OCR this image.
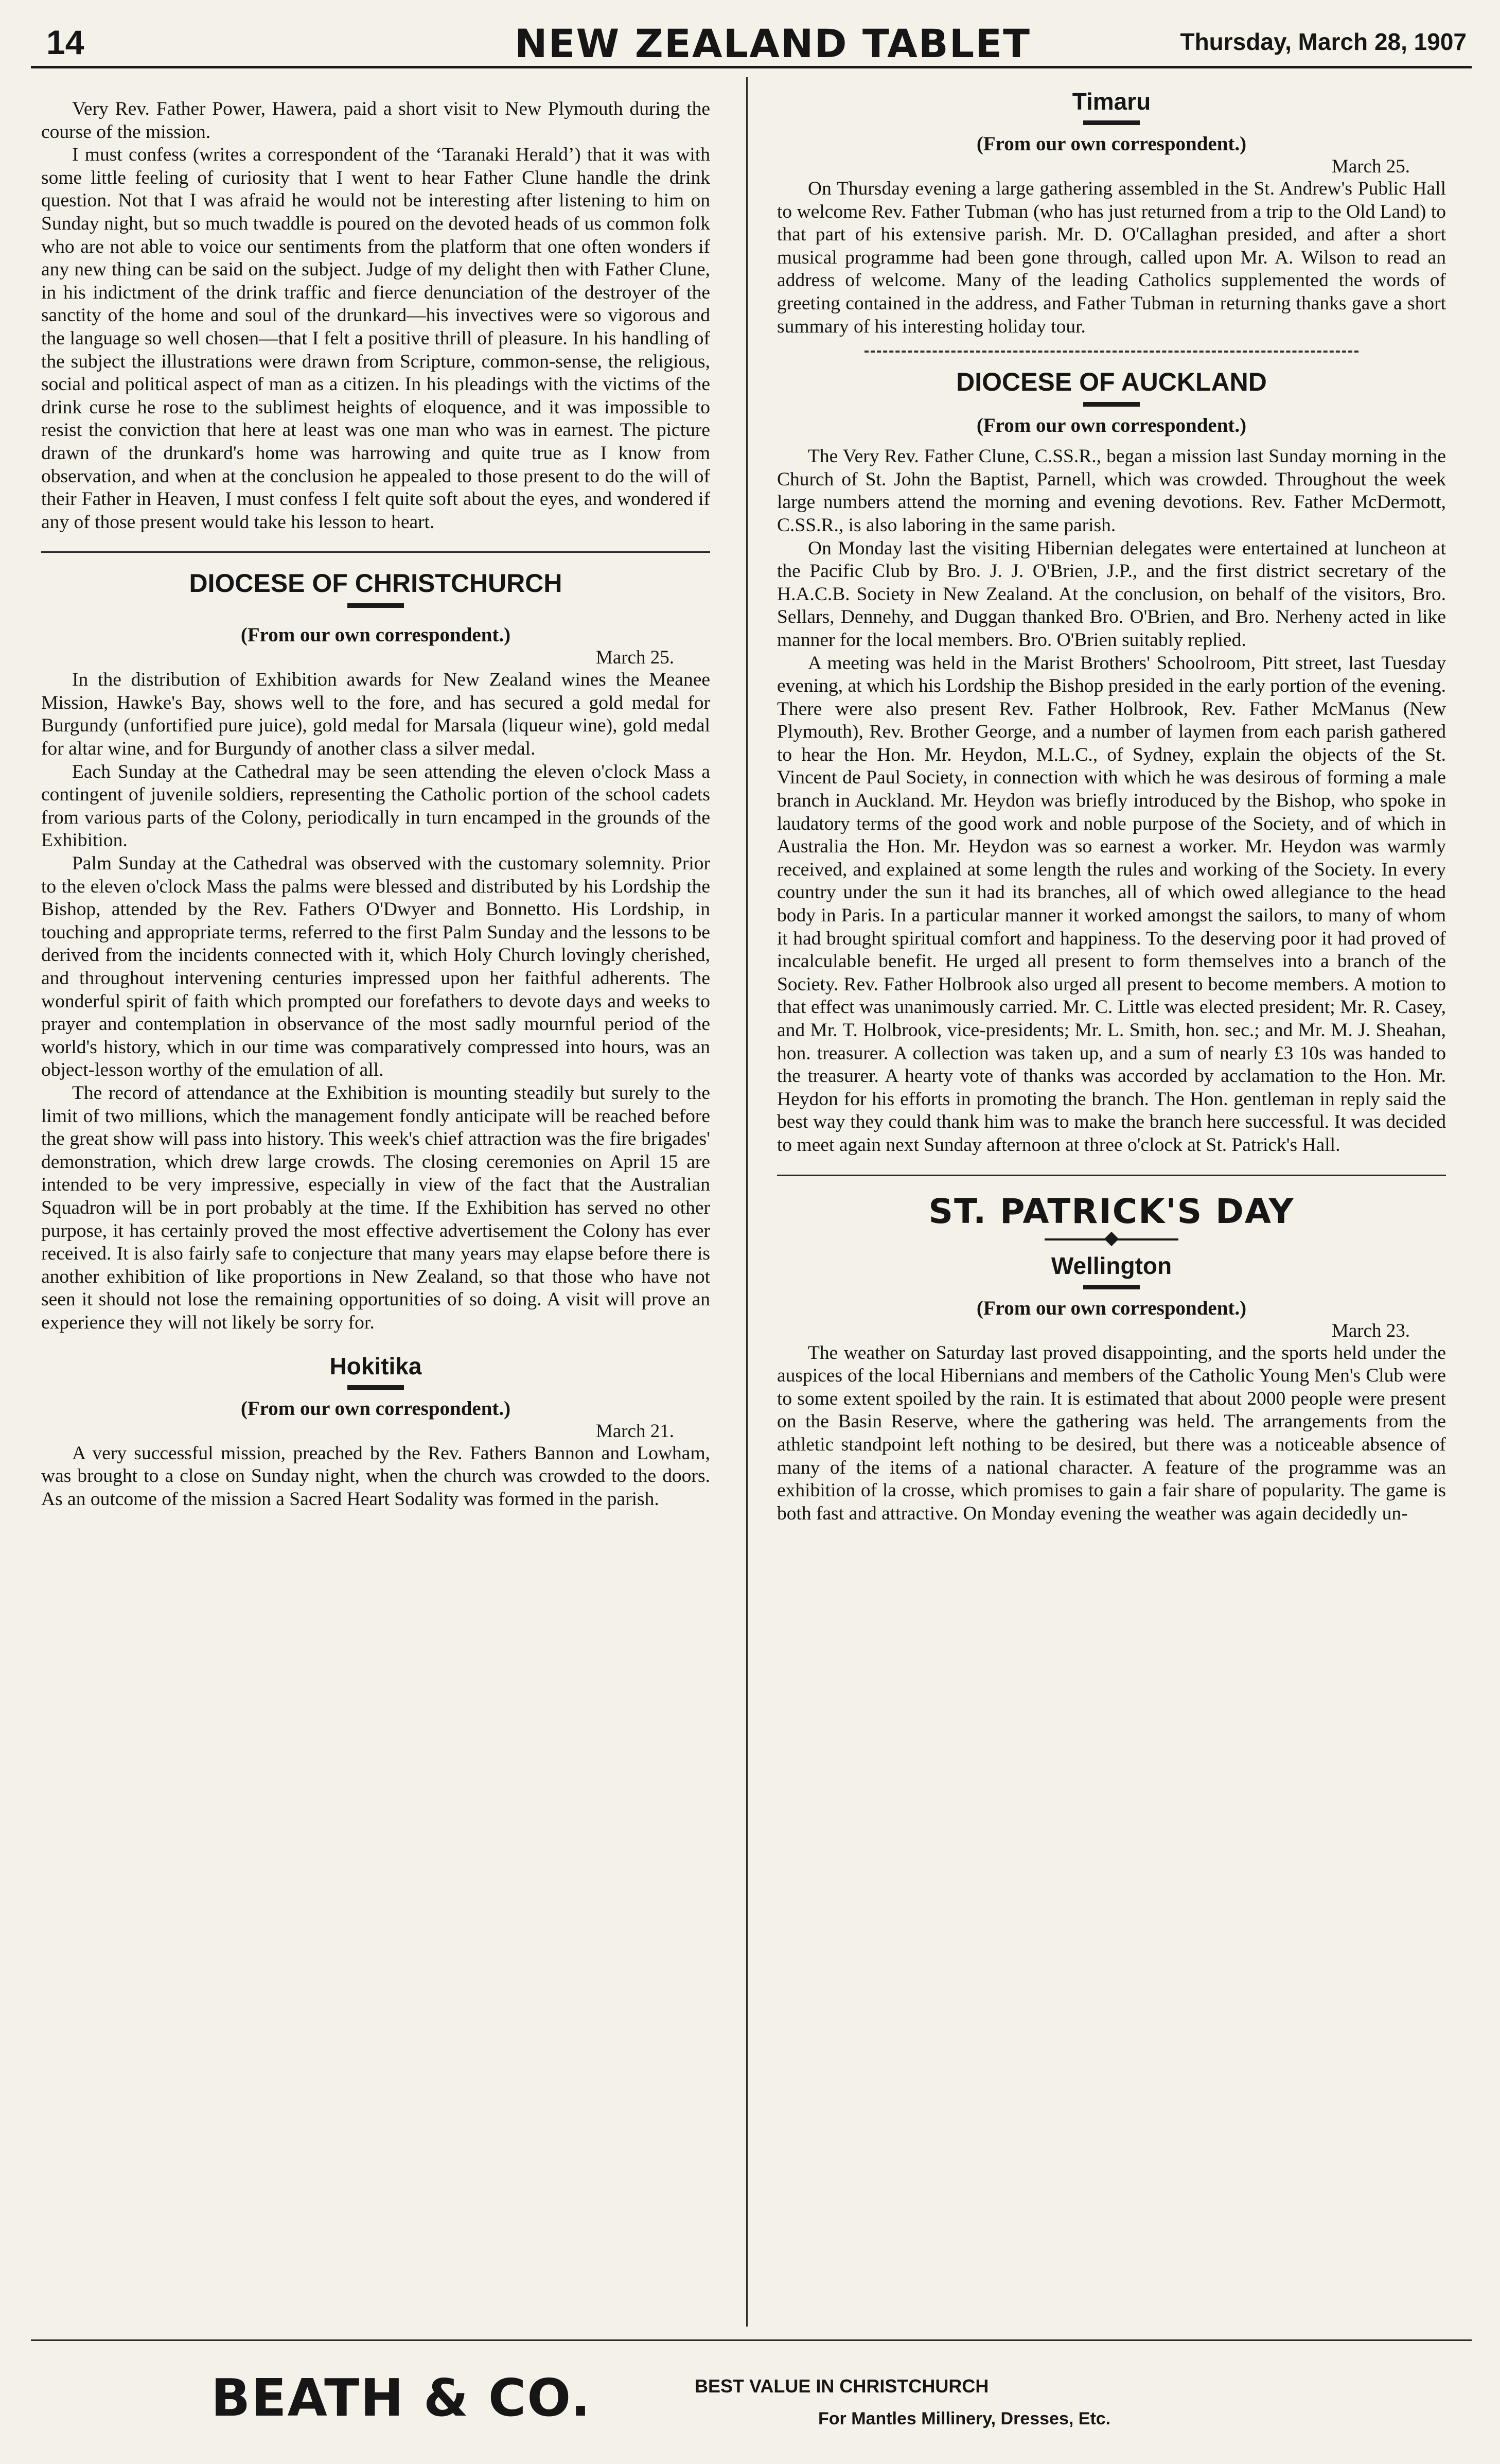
14	NEW ZEALAND TABLET	Thursday, March 28, 1907

Very Rev. Father Power, Hawera, paid a short visit to New Plymouth during the course of the mission.

I must confess (writes a correspondent of the ‘Taranaki Herald’) that it was with some little feeling of curiosity that I went to hear Father Clune handle the drink question. Not that I was afraid he would not be interesting after listening to him on Sunday night, but so much twaddle is poured on the devoted heads of us common folk who are not able to voice our sentiments from the platform that one often wonders if any new thing can be said on the subject. Judge of my delight then with Father Clune, in his indictment of the drink traffic and fierce denunciation of the destroyer of the sanctity of the home and soul of the drunkard—his invectives were so vigorous and the language so well chosen—that I felt a positive thrill of pleasure. In his handling of the subject the illustrations were drawn from Scripture, common-sense, the religious, social and political aspect of man as a citizen. In his pleadings with the victims of the drink curse he rose to the sublimest heights of eloquence, and it was impossible to resist the conviction that here at least was one man who was in earnest. The picture drawn of the drunkard's home was harrowing and quite true as I know from observation, and when at the conclusion he appealed to those present to do the will of their Father in Heaven, I must confess I felt quite soft about the eyes, and wondered if any of those present would take his lesson to heart.

DIOCESE OF CHRISTCHURCH
(From our own correspondent.)
March 25.

In the distribution of Exhibition awards for New Zealand wines the Meanee Mission, Hawke's Bay, shows well to the fore, and has secured a gold medal for Burgundy (unfortified pure juice), gold medal for Marsala (liqueur wine), gold medal for altar wine, and for Burgundy of another class a silver medal.

Each Sunday at the Cathedral may be seen attending the eleven o'clock Mass a contingent of juvenile soldiers, representing the Catholic portion of the school cadets from various parts of the Colony, periodically in turn encamped in the grounds of the Exhibition.

Palm Sunday at the Cathedral was observed with the customary solemnity. Prior to the eleven o'clock Mass the palms were blessed and distributed by his Lordship the Bishop, attended by the Rev. Fathers O'Dwyer and Bonnetto. His Lordship, in touching and appropriate terms, referred to the first Palm Sunday and the lessons to be derived from the incidents connected with it, which Holy Church lovingly cherished, and throughout intervening centuries impressed upon her faithful adherents. The wonderful spirit of faith which prompted our forefathers to devote days and weeks to prayer and contemplation in observance of the most sadly mournful period of the world's history, which in our time was comparatively compressed into hours, was an object-lesson worthy of the emulation of all.

The record of attendance at the Exhibition is mounting steadily but surely to the limit of two millions, which the management fondly anticipate will be reached before the great show will pass into history. This week's chief attraction was the fire brigades' demonstration, which drew large crowds. The closing ceremonies on April 15 are intended to be very impressive, especially in view of the fact that the Australian Squadron will be in port probably at the time. If the Exhibition has served no other purpose, it has certainly proved the most effective advertisement the Colony has ever received. It is also fairly safe to conjecture that many years may elapse before there is another exhibition of like proportions in New Zealand, so that those who have not seen it should not lose the remaining opportunities of so doing. A visit will prove an experience they will not likely be sorry for.

Hokitika
(From our own correspondent.)
March 21.

A very successful mission, preached by the Rev. Fathers Bannon and Lowham, was brought to a close on Sunday night, when the church was crowded to the doors. As an outcome of the mission a Sacred Heart Sodality was formed in the parish.

Timaru
(From our own correspondent.)
March 25.

On Thursday evening a large gathering assembled in the St. Andrew's Public Hall to welcome Rev. Father Tubman (who has just returned from a trip to the Old Land) to that part of his extensive parish. Mr. D. O'Callaghan presided, and after a short musical programme had been gone through, called upon Mr. A. Wilson to read an address of welcome. Many of the leading Catholics supplemented the words of greeting contained in the address, and Father Tubman in returning thanks gave a short summary of his interesting holiday tour.

DIOCESE OF AUCKLAND
(From our own correspondent.)

The Very Rev. Father Clune, C.SS.R., began a mission last Sunday morning in the Church of St. John the Baptist, Parnell, which was crowded. Throughout the week large numbers attend the morning and evening devotions. Rev. Father McDermott, C.SS.R., is also laboring in the same parish.

On Monday last the visiting Hibernian delegates were entertained at luncheon at the Pacific Club by Bro. J. J. O'Brien, J.P., and the first district secretary of the H.A.C.B. Society in New Zealand. At the conclusion, on behalf of the visitors, Bro. Sellars, Dennehy, and Duggan thanked Bro. O'Brien, and Bro. Nerheny acted in like manner for the local members. Bro. O'Brien suitably replied.

A meeting was held in the Marist Brothers' Schoolroom, Pitt street, last Tuesday evening, at which his Lordship the Bishop presided in the early portion of the evening. There were also present Rev. Father Holbrook, Rev. Father McManus (New Plymouth), Rev. Brother George, and a number of laymen from each parish gathered to hear the Hon. Mr. Heydon, M.L.C., of Sydney, explain the objects of the St. Vincent de Paul Society, in connection with which he was desirous of forming a male branch in Auckland. Mr. Heydon was briefly introduced by the Bishop, who spoke in laudatory terms of the good work and noble purpose of the Society, and of which in Australia the Hon. Mr. Heydon was so earnest a worker. Mr. Heydon was warmly received, and explained at some length the rules and working of the Society. In every country under the sun it had its branches, all of which owed allegiance to the head body in Paris. In a particular manner it worked amongst the sailors, to many of whom it had brought spiritual comfort and happiness. To the deserving poor it had proved of incalculable benefit. He urged all present to form themselves into a branch of the Society. Rev. Father Holbrook also urged all present to become members. A motion to that effect was unanimously carried. Mr. C. Little was elected president; Mr. R. Casey, and Mr. T. Holbrook, vice-presidents; Mr. L. Smith, hon. sec.; and Mr. M. J. Sheahan, hon. treasurer. A collection was taken up, and a sum of nearly £3 10s was handed to the treasurer. A hearty vote of thanks was accorded by acclamation to the Hon. Mr. Heydon for his efforts in promoting the branch. The Hon. gentleman in reply said the best way they could thank him was to make the branch here successful. It was decided to meet again next Sunday afternoon at three o'clock at St. Patrick's Hall.

ST. PATRICK'S DAY
Wellington
(From our own correspondent.)
March 23.

The weather on Saturday last proved disappointing, and the sports held under the auspices of the local Hibernians and members of the Catholic Young Men's Club were to some extent spoiled by the rain. It is estimated that about 2000 people were present on the Basin Reserve, where the gathering was held. The arrangements from the athletic standpoint left nothing to be desired, but there was a noticeable absence of many of the items of a national character. A feature of the programme was an exhibition of la crosse, which promises to gain a fair share of popularity. The game is both fast and attractive. On Monday evening the weather was again decidedly un-

BEATH & CO.	BEST VALUE IN CHRISTCHURCH
For Mantles Millinery, Dresses, Etc.
